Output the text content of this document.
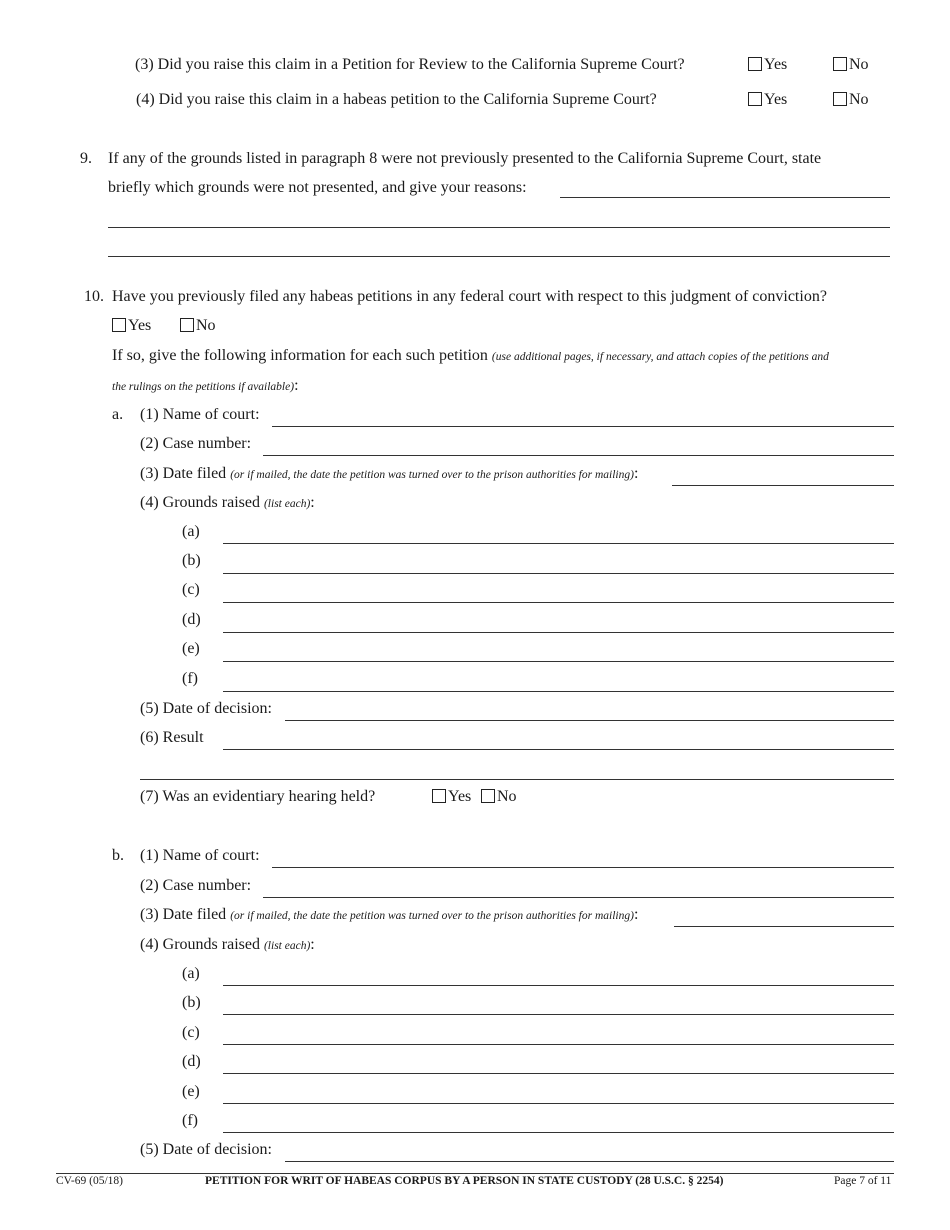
(3) Did you raise this claim in a Petition for Review to the California Supreme Court?	Yes	No
(4) Did you raise this claim in a habeas petition to the California Supreme Court?	Yes	No
9. If any of the grounds listed in paragraph 8 were not previously presented to the California Supreme Court, state
briefly which grounds were not presented, and give your reasons:
10. Have you previously filed any habeas petitions in any federal court with respect to this judgment of conviction?
Yes	No
If so, give the following information for each such petition (use additional pages, if necessary, and attach copies of the petitions and
the rulings on the petitions if available):
a. (1) Name of court:
(2) Case number:
(3) Date filed (or if mailed, the date the petition was turned over to the prison authorities for mailing):
(4) Grounds raised (list each):
(a)
(b)
(c)
(d)
(e)
(f)
(5) Date of decision:
(6) Result
(7) Was an evidentiary hearing held?	Yes	No
b. (1) Name of court:
(2) Case number:
(3) Date filed (or if mailed, the date the petition was turned over to the prison authorities for mailing):
(4) Grounds raised (list each):
(a)
(b)
(c)
(d)
(e)
(f)
(5) Date of decision:
CV-69 (05/18)	PETITION FOR WRIT OF HABEAS CORPUS BY A PERSON IN STATE CUSTODY (28 U.S.C. § 2254)	Page 7 of 11
